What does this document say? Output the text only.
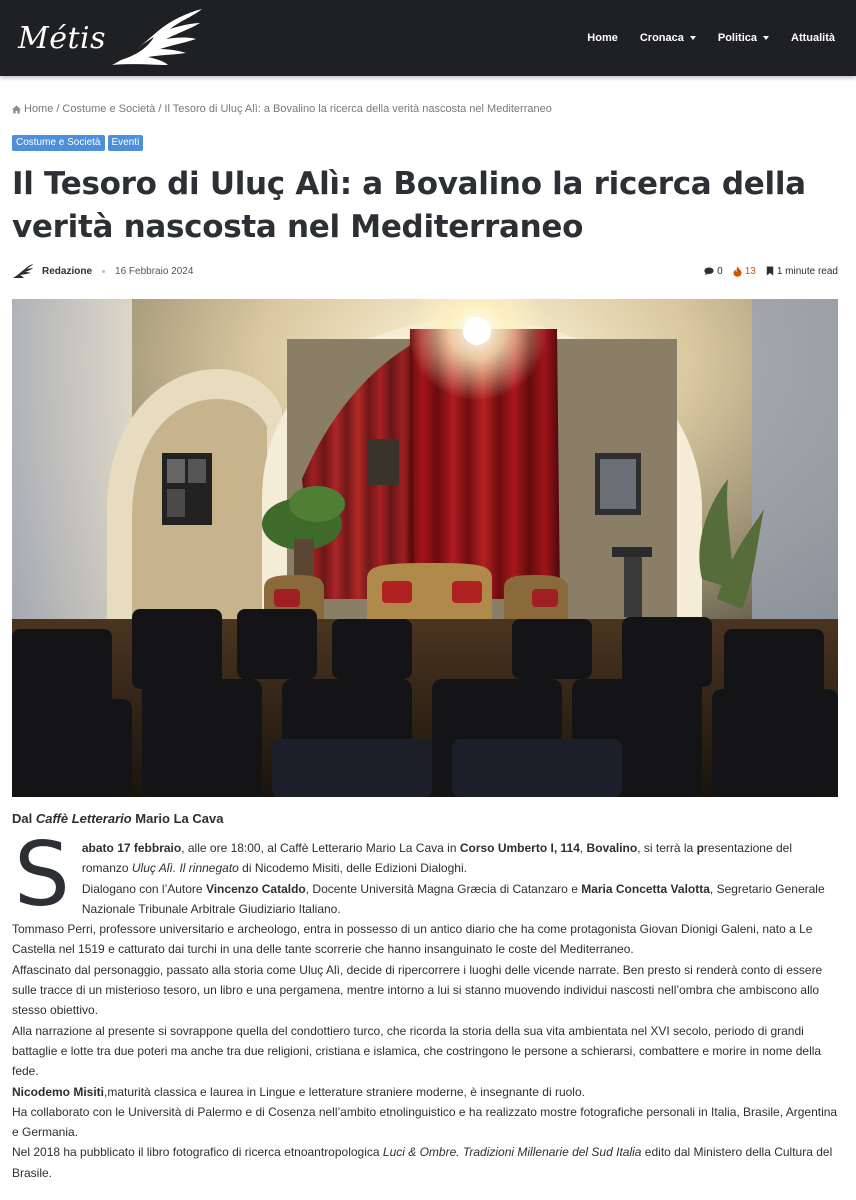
Métis	Home Cronaca	Politica	Attualità
Home / Costume e Società / Il Tesoro di Uluç Alì: a Bovalino la ricerca della verità nascosta nel Mediterraneo
Costume e Società	Eventi
Il Tesoro di Uluç Alì: a Bovalino la ricerca della verità nascosta nel Mediterraneo
Redazione 16 Febbraio 2024	0 13 1 minute read
Dal Caffè Letterario Mario La Cava
S	abato 17 febbraio, alle ore 18:00, al Caffè Letterario Mario La Cava in Corso Umberto I, 114, Bovalino, si terrà la presentazione del romanzo Uluç Alì. Il rinnegato di Nicodemo Misiti, delle Edizioni Dialoghi.

Dialogano con l’Autore Vincenzo Cataldo, Docente Università Magna Græcia di Catanzaro e Maria Concetta Valotta, Segretario Generale Nazionale Tribunale Arbitrale Giudiziario Italiano.

Tommaso Perri, professore universitario e archeologo, entra in possesso di un antico diario che ha come protagonista Giovan Dionigi Galeni, nato a Le Castella nel 1519 e catturato dai turchi in una delle tante scorrerie che hanno insanguinato le coste del Mediterraneo.

Affascinato dal personaggio, passato alla storia come Uluç Alì, decide di ripercorrere i luoghi delle vicende narrate. Ben presto si renderà conto di essere sulle tracce di un misterioso tesoro, un libro e una pergamena, mentre intorno a lui si stanno muovendo individui nascosti nell’ombra che ambiscono allo stesso obiettivo.

Alla narrazione al presente si sovrappone quella del condottiero turco, che ricorda la storia della sua vita ambientata nel XVI secolo, periodo di grandi battaglie e lotte tra due poteri ma anche tra due religioni, cristiana e islamica, che costringono le persone a schierarsi, combattere e morire in nome della fede.

Nicodemo Misiti,maturità classica e laurea in Lingue e letterature straniere moderne, è insegnante di ruolo.

Ha collaborato con le Università di Palermo e di Cosenza nell’ambito etnolinguistico e ha realizzato mostre fotografiche personali in Italia, Brasile, Argentina e Germania.

Nel 2018 ha pubblicato il libro fotografico di ricerca etnoantropologica Luci & Ombre. Tradizioni Millenarie del Sud Italia edito dal Ministero della Cultura del Brasile.
